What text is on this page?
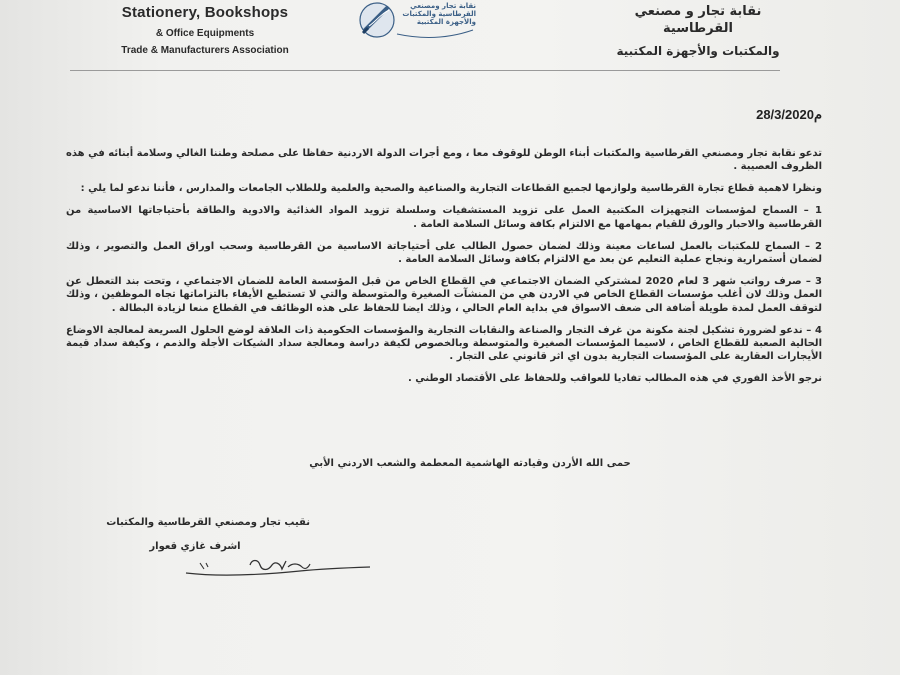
Stationery, Bookshops
& Office Equipments
Trade & Manufacturers Association
نقابة تجار ومصنعي القرطاسية والمكتبات والأجهزة المكتبية
نقابة تجار و مصنعي
القرطاسية
والمكتبات والأجهزة المكتبية
28/3/2020م

تدعو نقابة تجار ومصنعي القرطاسية والمكتبات أبناء الوطن للوقوف معا ، ومع أجرات الدولة الاردنية حفاظا على مصلحة وطننا الغالي وسلامة أبنائه في هذه الظروف العصيبة .

ونظرا لاهمية قطاع تجارة القرطاسية ولوازمها لجميع القطاعات التجارية والصناعية والصحية والعلمية وللطلاب الجامعات والمدارس ، فأننا ندعو لما يلي :

1 – السماح لمؤسسات التجهيزات المكتبية العمل على تزويد المستشفيات وسلسلة تزويد المواد الغذائية والادوية والطاقة بأحتياجاتها الاساسية من القرطاسية والاحبار والورق للقيام بمهامها مع الالتزام بكافة وسائل السلامة العامة .

2 – السماح للمكتبات بالعمل لساعات معينة وذلك لضمان حصول الطالب على أحتياجاتة الاساسية من القرطاسية وسحب اوراق العمل والتصوير ، وذلك لضمان أستمرارية ونجاح عملية التعليم عن بعد مع الالتزام بكافة وسائل السلامة العامة .

3 – صرف رواتب شهر 3 لعام 2020 لمشتركي الضمان الاجتماعي في القطاع الخاص من قبل المؤسسة العامة للضمان الاجتماعي ، وتحت بند التعطل عن العمل وذلك لان أغلب مؤسسات القطاع الخاص في الاردن هي من المنشآت الصغيرة والمتوسطة والتي لا تستطيع الأيفاء بالتزاماتها تجاه الموظفين ، وذلك لتوقف العمل لمدة طويلة أضافة الى ضعف الاسواق في بداية العام الحالي ، وذلك ايضا للحفاظ على هذه الوظائف في القطاع منعا لزيادة البطالة .

4 – ندعو لضرورة تشكيل لجنة مكونة من غرف التجار والصناعة والنقابات التجارية والمؤسسات الحكومية ذات العلاقة لوضع الحلول السريعة لمعالجة الاوضاع الحالية الصعبة للقطاع الخاص ، لاسيما المؤسسات الصغيرة والمتوسطة وبالخصوص لكيفة دراسة ومعالجة سداد الشيكات الأجلة والذمم ، وكيفة سداد قيمة الأيجارات العقارية على المؤسسات التجارية بدون اي اثر قانوني على التجار .

نرجو الأخذ الفوري في هذه المطالب تفاديا للعواقب وللحفاظ على الأقتصاد الوطني .

حمى الله الأردن وقيادته الهاشمية المعطمة والشعب الاردني الأبي
نقيب تجار ومصنعي القرطاسية والمكتبات
اشرف غازي قعوار
